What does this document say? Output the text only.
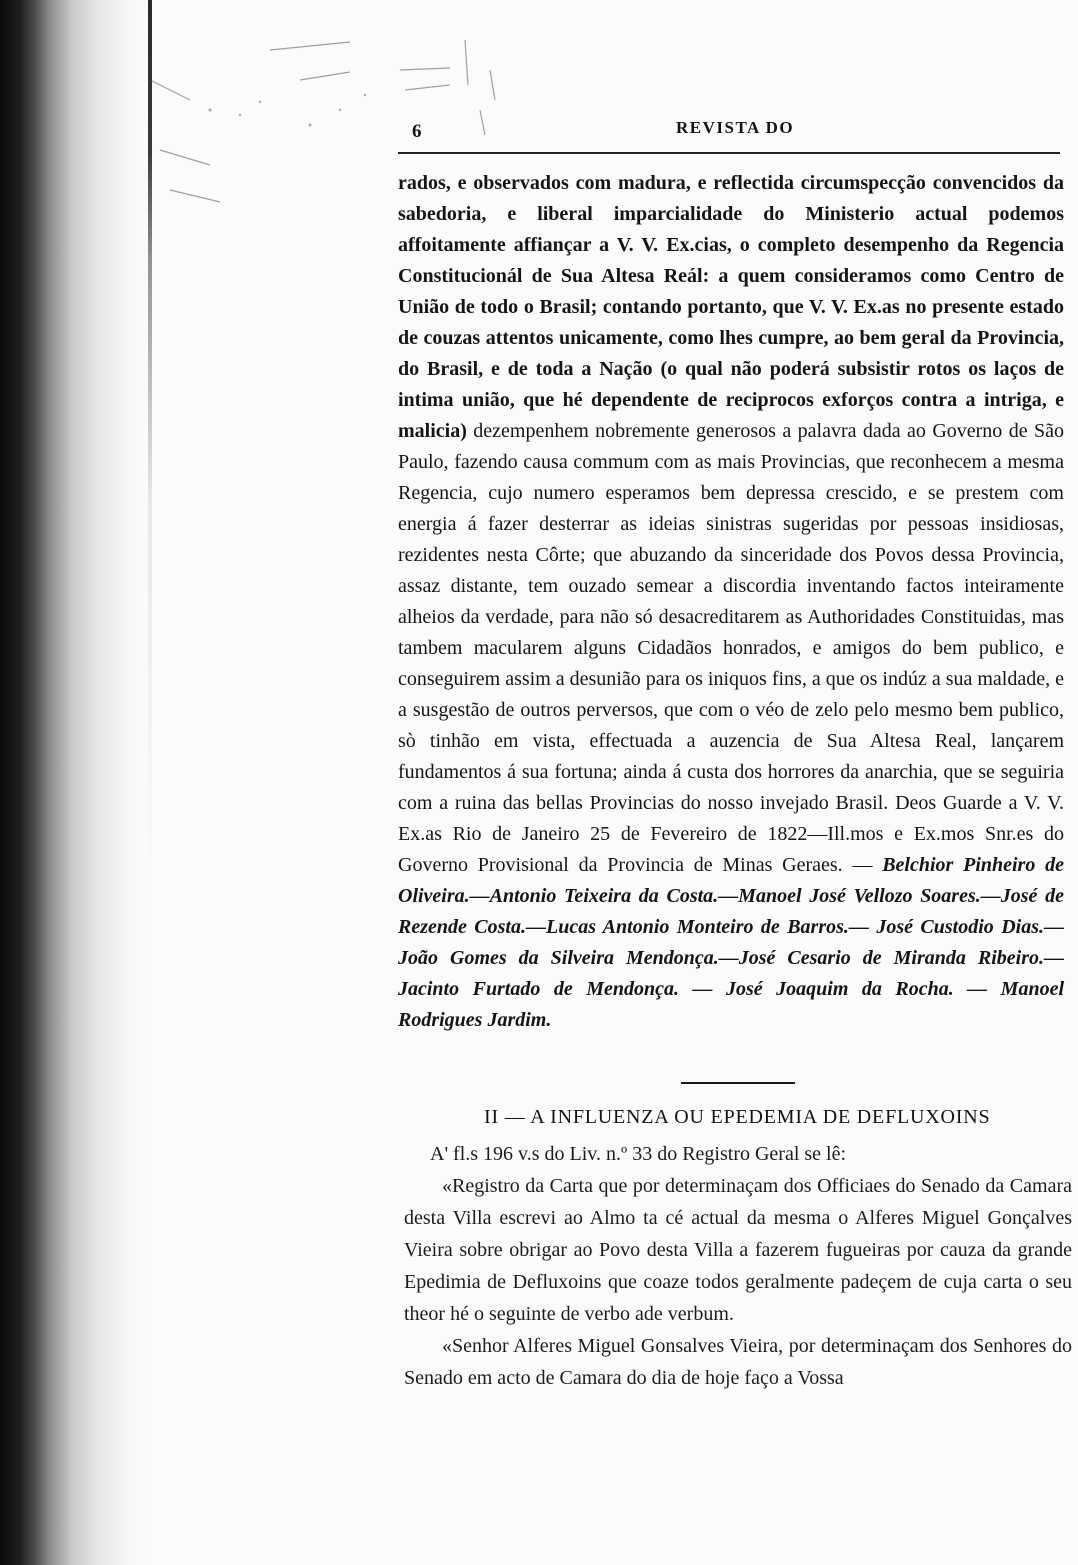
6	REVISTA DO

rados, e observados com madura, e reflectida circumspecção convencidos da sabedoria, e liberal imparcialidade do Ministerio actual podemos affoitamente affiançar a V. V. Ex.cias, o completo desempenho da Regencia Constitucionál de Sua Altesa Reál: a quem consideramos como Centro de União de todo o Brasil; contando portanto, que V. V. Ex.as no presente estado de couzas attentos unicamente, como lhes cumpre, ao bem geral da Provincia, do Brasil, e de toda a Nação (o qual não poderá subsistir rotos os laços de intima união, que hé dependente de reciprocos exforços contra a intriga, e malicia) dezempenhem nobremente generosos a palavra dada ao Governo de São Paulo, fazendo causa commum com as mais Provincias, que reconhecem a mesma Regencia, cujo numero esperamos bem depressa crescido, e se prestem com energia á fazer desterrar as ideias sinistras sugeridas por pessoas insidiosas, rezidentes nesta Côrte; que abuzando da sinceridade dos Povos dessa Provincia, assaz distante, tem ouzado semear a discordia inventando factos inteiramente alheios da verdade, para não só desacreditarem as Authoridades Constituidas, mas tambem macularem alguns Cidadãos honrados, e amigos do bem publico, e conseguirem assim a desunião para os iniquos fins, a que os indúz a sua maldade, e a susgestão de outros perversos, que com o véo de zelo pelo mesmo bem publico, sò tinhão em vista, effectuada a auzencia de Sua Altesa Real, lançarem fundamentos á sua fortuna; ainda á custa dos horrores da anarchia, que se seguiria com a ruina das bellas Provincias do nosso invejado Brasil. Deos Guarde a V. V. Ex.as Rio de Janeiro 25 de Fevereiro de 1822—Ill.mos e Ex.mos Snr.es do Governo Provisional da Provincia de Minas Geraes. — Belchior Pinheiro de Oliveira.—Antonio Teixeira da Costa.—Manoel José Vellozo Soares.—José de Rezende Costa.—Lucas Antonio Monteiro de Barros.— José Custodio Dias.—João Gomes da Silveira Mendonça.—José Cesario de Miranda Ribeiro.—Jacinto Furtado de Mendonça. — José Joaquim da Rocha. — Manoel Rodrigues Jardim.

II — A INFLUENZA OU EPEDEMIA DE DEFLUXOINS

A' fl.s 196 v.s do Liv. n.º 33 do Registro Geral se lê:

«Registro da Carta que por determinaçam dos Officiaes do Senado da Camara desta Villa escrevi ao Almo ta cé actual da mesma o Alferes Miguel Gonçalves Vieira sobre obrigar ao Povo desta Villa a fazerem fugueiras por cauza da grande Epedimia de Defluxoins que coaze todos geralmente padeçem de cuja carta o seu theor hé o seguinte de verbo ade verbum.

«Senhor Alferes Miguel Gonsalves Vieira, por determinaçam dos Senhores do Senado em acto de Camara do dia de hoje faço a Vossa
